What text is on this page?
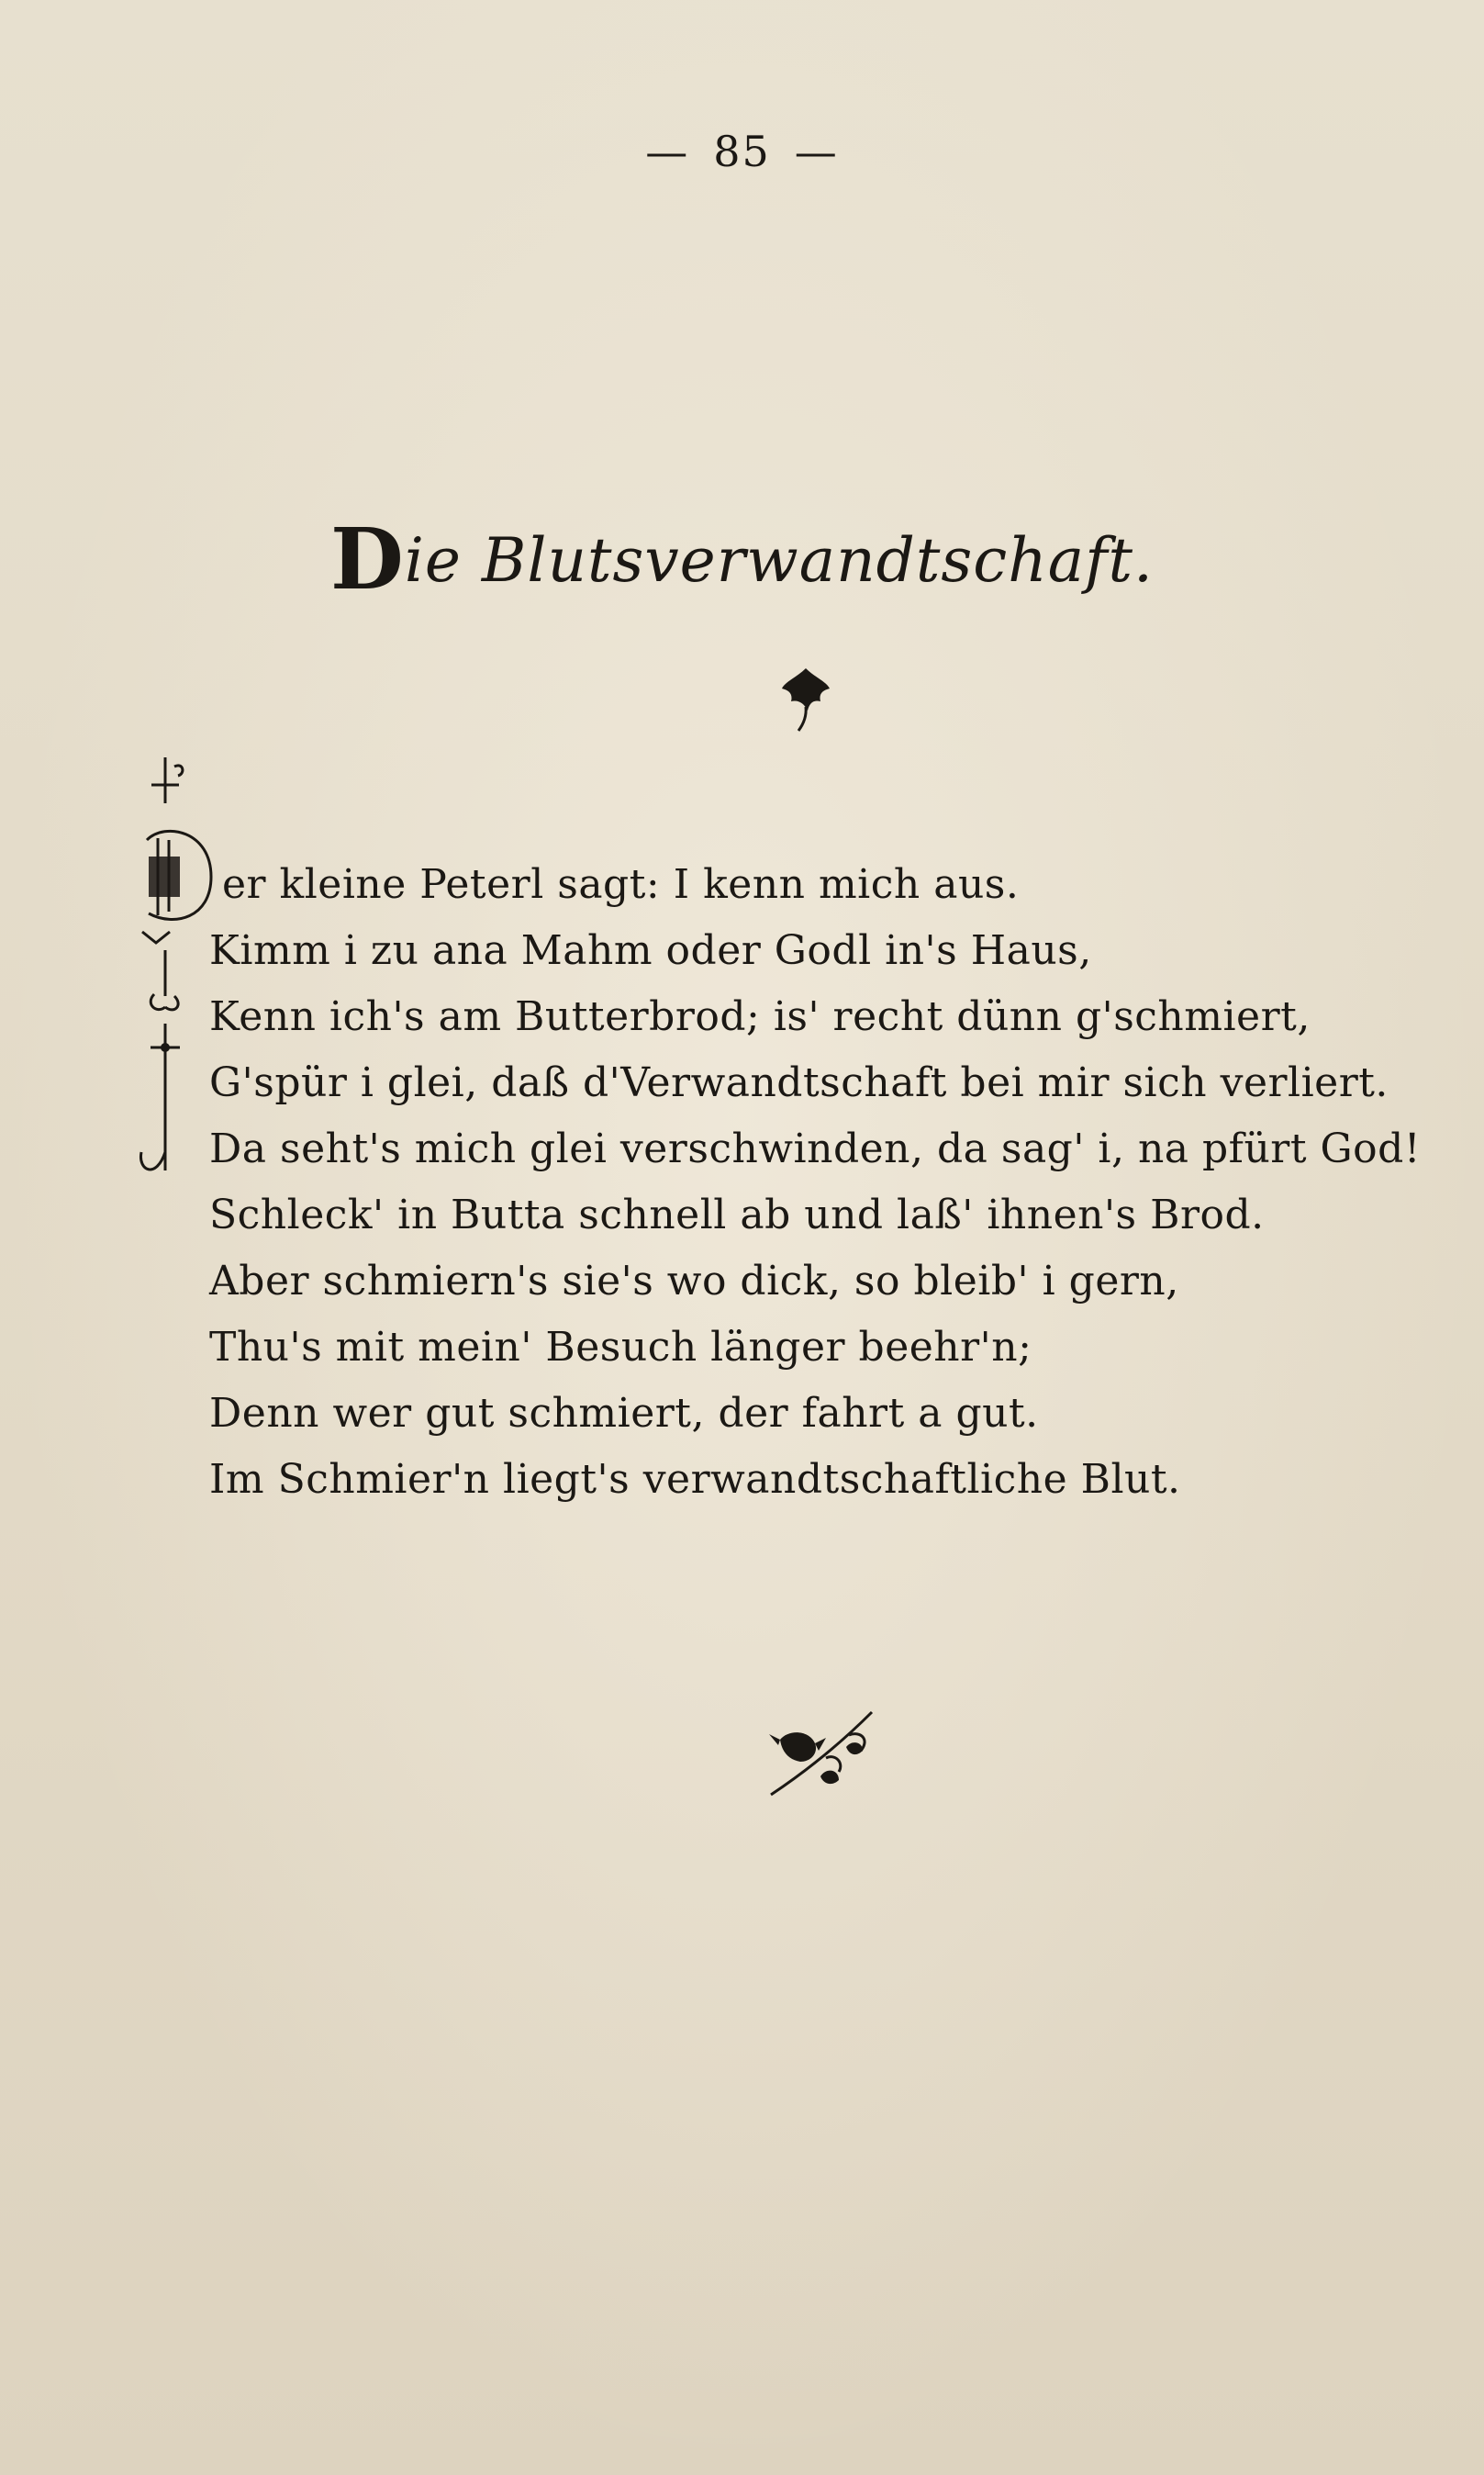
— 85 —
Die Blutsverwandtschaft.
er kleine Peterl sagt: I kenn mich aus.
Kimm i zu ana Mahm oder Godl in's Haus,
Kenn ich's am Butterbrod; is' recht dünn g'schmiert,
G'spür i glei, daß d'Verwandtschaft bei mir sich verliert.
Da seht's mich glei verschwinden, da sag' i, na pfürt God!
Schleck' in Butta schnell ab und laß' ihnen's Brod.
Aber schmiern's sie's wo dick, so bleib' i gern,
Thu's mit mein' Besuch länger beehr'n;
Denn wer gut schmiert, der fahrt a gut.
Im Schmier'n liegt's verwandtschaftliche Blut.
